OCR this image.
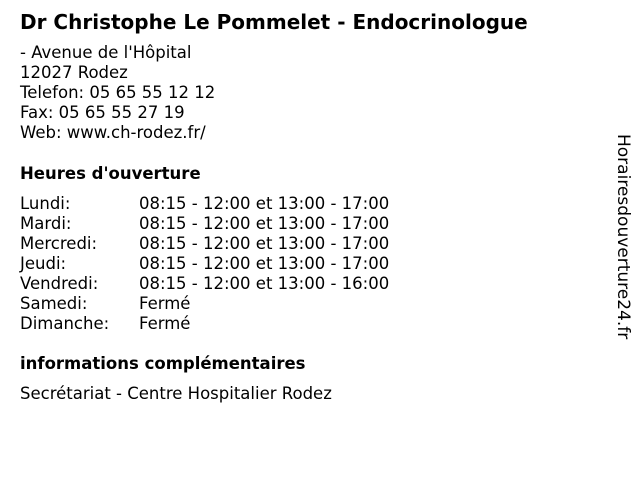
Dr Christophe Le Pommelet - Endocrinologue
- Avenue de l'Hôpital
12027 Rodez
Telefon: 05 65 55 12 12
Fax: 05 65 55 27 19
Web: www.ch-rodez.fr/
Heures d'ouverture
Lundi:	08:15 - 12:00 et 13:00 - 17:00
Mardi:	08:15 - 12:00 et 13:00 - 17:00
Mercredi:	08:15 - 12:00 et 13:00 - 17:00
Jeudi:	08:15 - 12:00 et 13:00 - 17:00
Vendredi:	08:15 - 12:00 et 13:00 - 16:00
Samedi:	Fermé
Dimanche:	Fermé
informations complémentaires
Secrétariat - Centre Hospitalier Rodez
Horairesdouverture24.fr
